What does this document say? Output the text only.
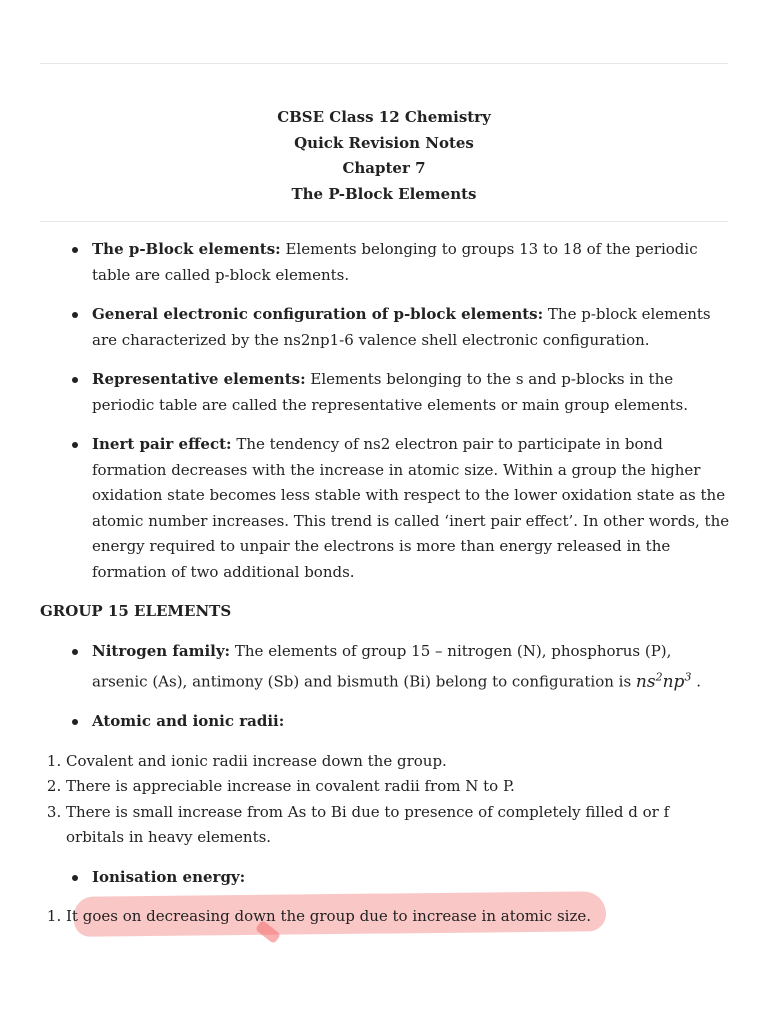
CBSE Class 12 Chemistry
Quick Revision Notes
Chapter 7
The P-Block Elements
The p-Block elements: Elements belonging to groups 13 to 18 of the periodic table are called p-block elements.
General electronic configuration of p-block elements: The p-block elements are characterized by the ns2np1-6 valence shell electronic configuration.
Representative elements: Elements belonging to the s and p-blocks in the periodic table are called the representative elements or main group elements.
Inert pair effect: The tendency of ns2 electron pair to participate in bond formation decreases with the increase in atomic size. Within a group the higher oxidation state becomes less stable with respect to the lower oxidation state as the atomic number increases. This trend is called ‘inert pair effect’. In other words, the energy required to unpair the electrons is more than energy released in the formation of two additional bonds.
GROUP 15 ELEMENTS
Nitrogen family: The elements of group 15 – nitrogen (N), phosphorus (P), arsenic (As), antimony (Sb) and bismuth (Bi) belong to configuration is $ns^2np^3$ .
Atomic and ionic radii:
1. Covalent and ionic radii increase down the group.
2. There is appreciable increase in covalent radii from N to P.
3. There is small increase from As to Bi due to presence of completely filled d or f orbitals in heavy elements.
Ionisation energy:
1. It goes on decreasing down the group due to increase in atomic size.
